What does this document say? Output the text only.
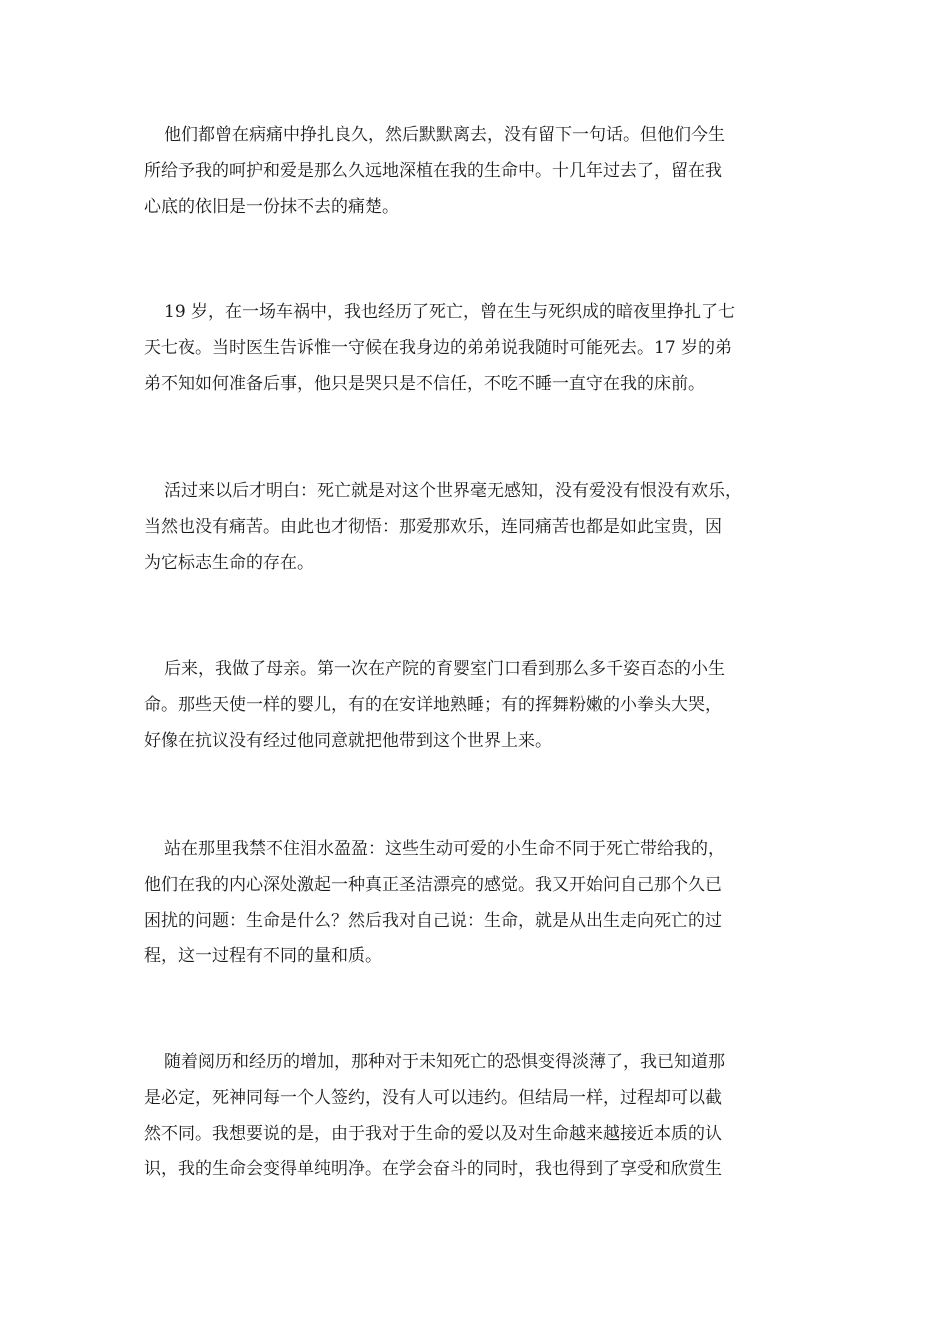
他们都曾在病痛中挣扎良久，然后默默离去，没有留下一句话。但他们今生
所给予我的呵护和爱是那么久远地深植在我的生命中。十几年过去了，留在我
心底的依旧是一份抹不去的痛楚。
19 岁，在一场车祸中，我也经历了死亡，曾在生与死织成的暗夜里挣扎了七
天七夜。当时医生告诉惟一守候在我身边的弟弟说我随时可能死去。17 岁的弟
弟不知如何准备后事，他只是哭只是不信任，不吃不睡一直守在我的床前。
活过来以后才明白：死亡就是对这个世界毫无感知，没有爱没有恨没有欢乐，
当然也没有痛苦。由此也才彻悟：那爱那欢乐，连同痛苦也都是如此宝贵，因
为它标志生命的存在。
后来，我做了母亲。第一次在产院的育婴室门口看到那么多千姿百态的小生
命。那些天使一样的婴儿，有的在安详地熟睡；有的挥舞粉嫩的小拳头大哭，
好像在抗议没有经过他同意就把他带到这个世界上来。
站在那里我禁不住泪水盈盈：这些生动可爱的小生命不同于死亡带给我的，
他们在我的内心深处激起一种真正圣洁漂亮的感觉。我又开始问自己那个久已
困扰的问题：生命是什么？然后我对自己说：生命，就是从出生走向死亡的过
程，这一过程有不同的量和质。
随着阅历和经历的增加，那种对于未知死亡的恐惧变得淡薄了，我已知道那
是必定，死神同每一个人签约，没有人可以违约。但结局一样，过程却可以截
然不同。我想要说的是，由于我对于生命的爱以及对生命越来越接近本质的认
识，我的生命会变得单纯明净。在学会奋斗的同时，我也得到了享受和欣赏生
